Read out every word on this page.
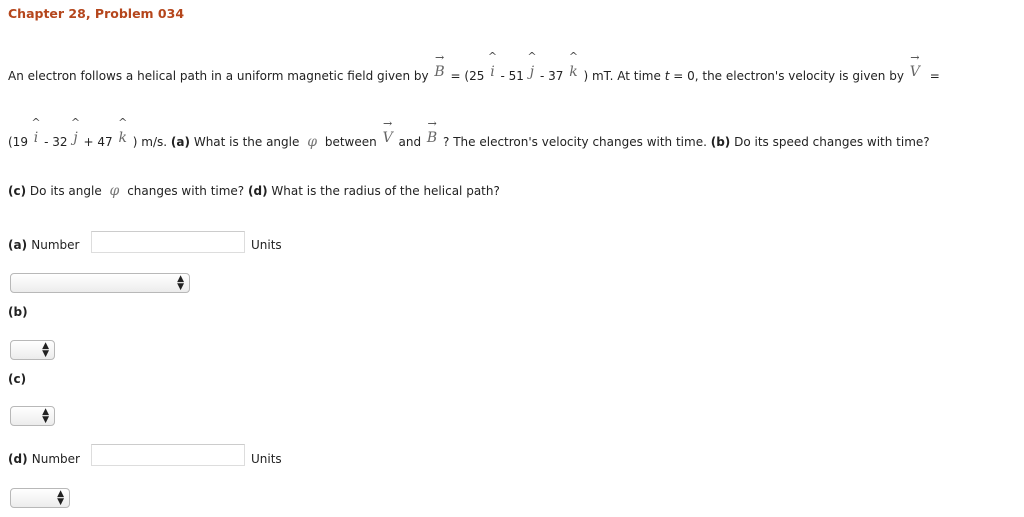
Chapter 28, Problem 034
An electron follows a helical path in a uniform magnetic field given by
→
B = (25
^
i - 51
^
j - 37
^
k ) mT. At time t = 0, the electron's velocity is given by
→
V =
(19
^
i - 32
^
j + 47
^
k ) m/s. (a) What is the angle φ between
→
V and
→
B ? The electron's velocity changes with time. (b) Do its speed changes with time?
(c) Do its angle φ changes with time? (d) What is the radius of the helical path?
(a) Number	Units
▲
▼
(b)
▲
▼
(c)
▲
▼
(d) Number	Units
▲
▼
